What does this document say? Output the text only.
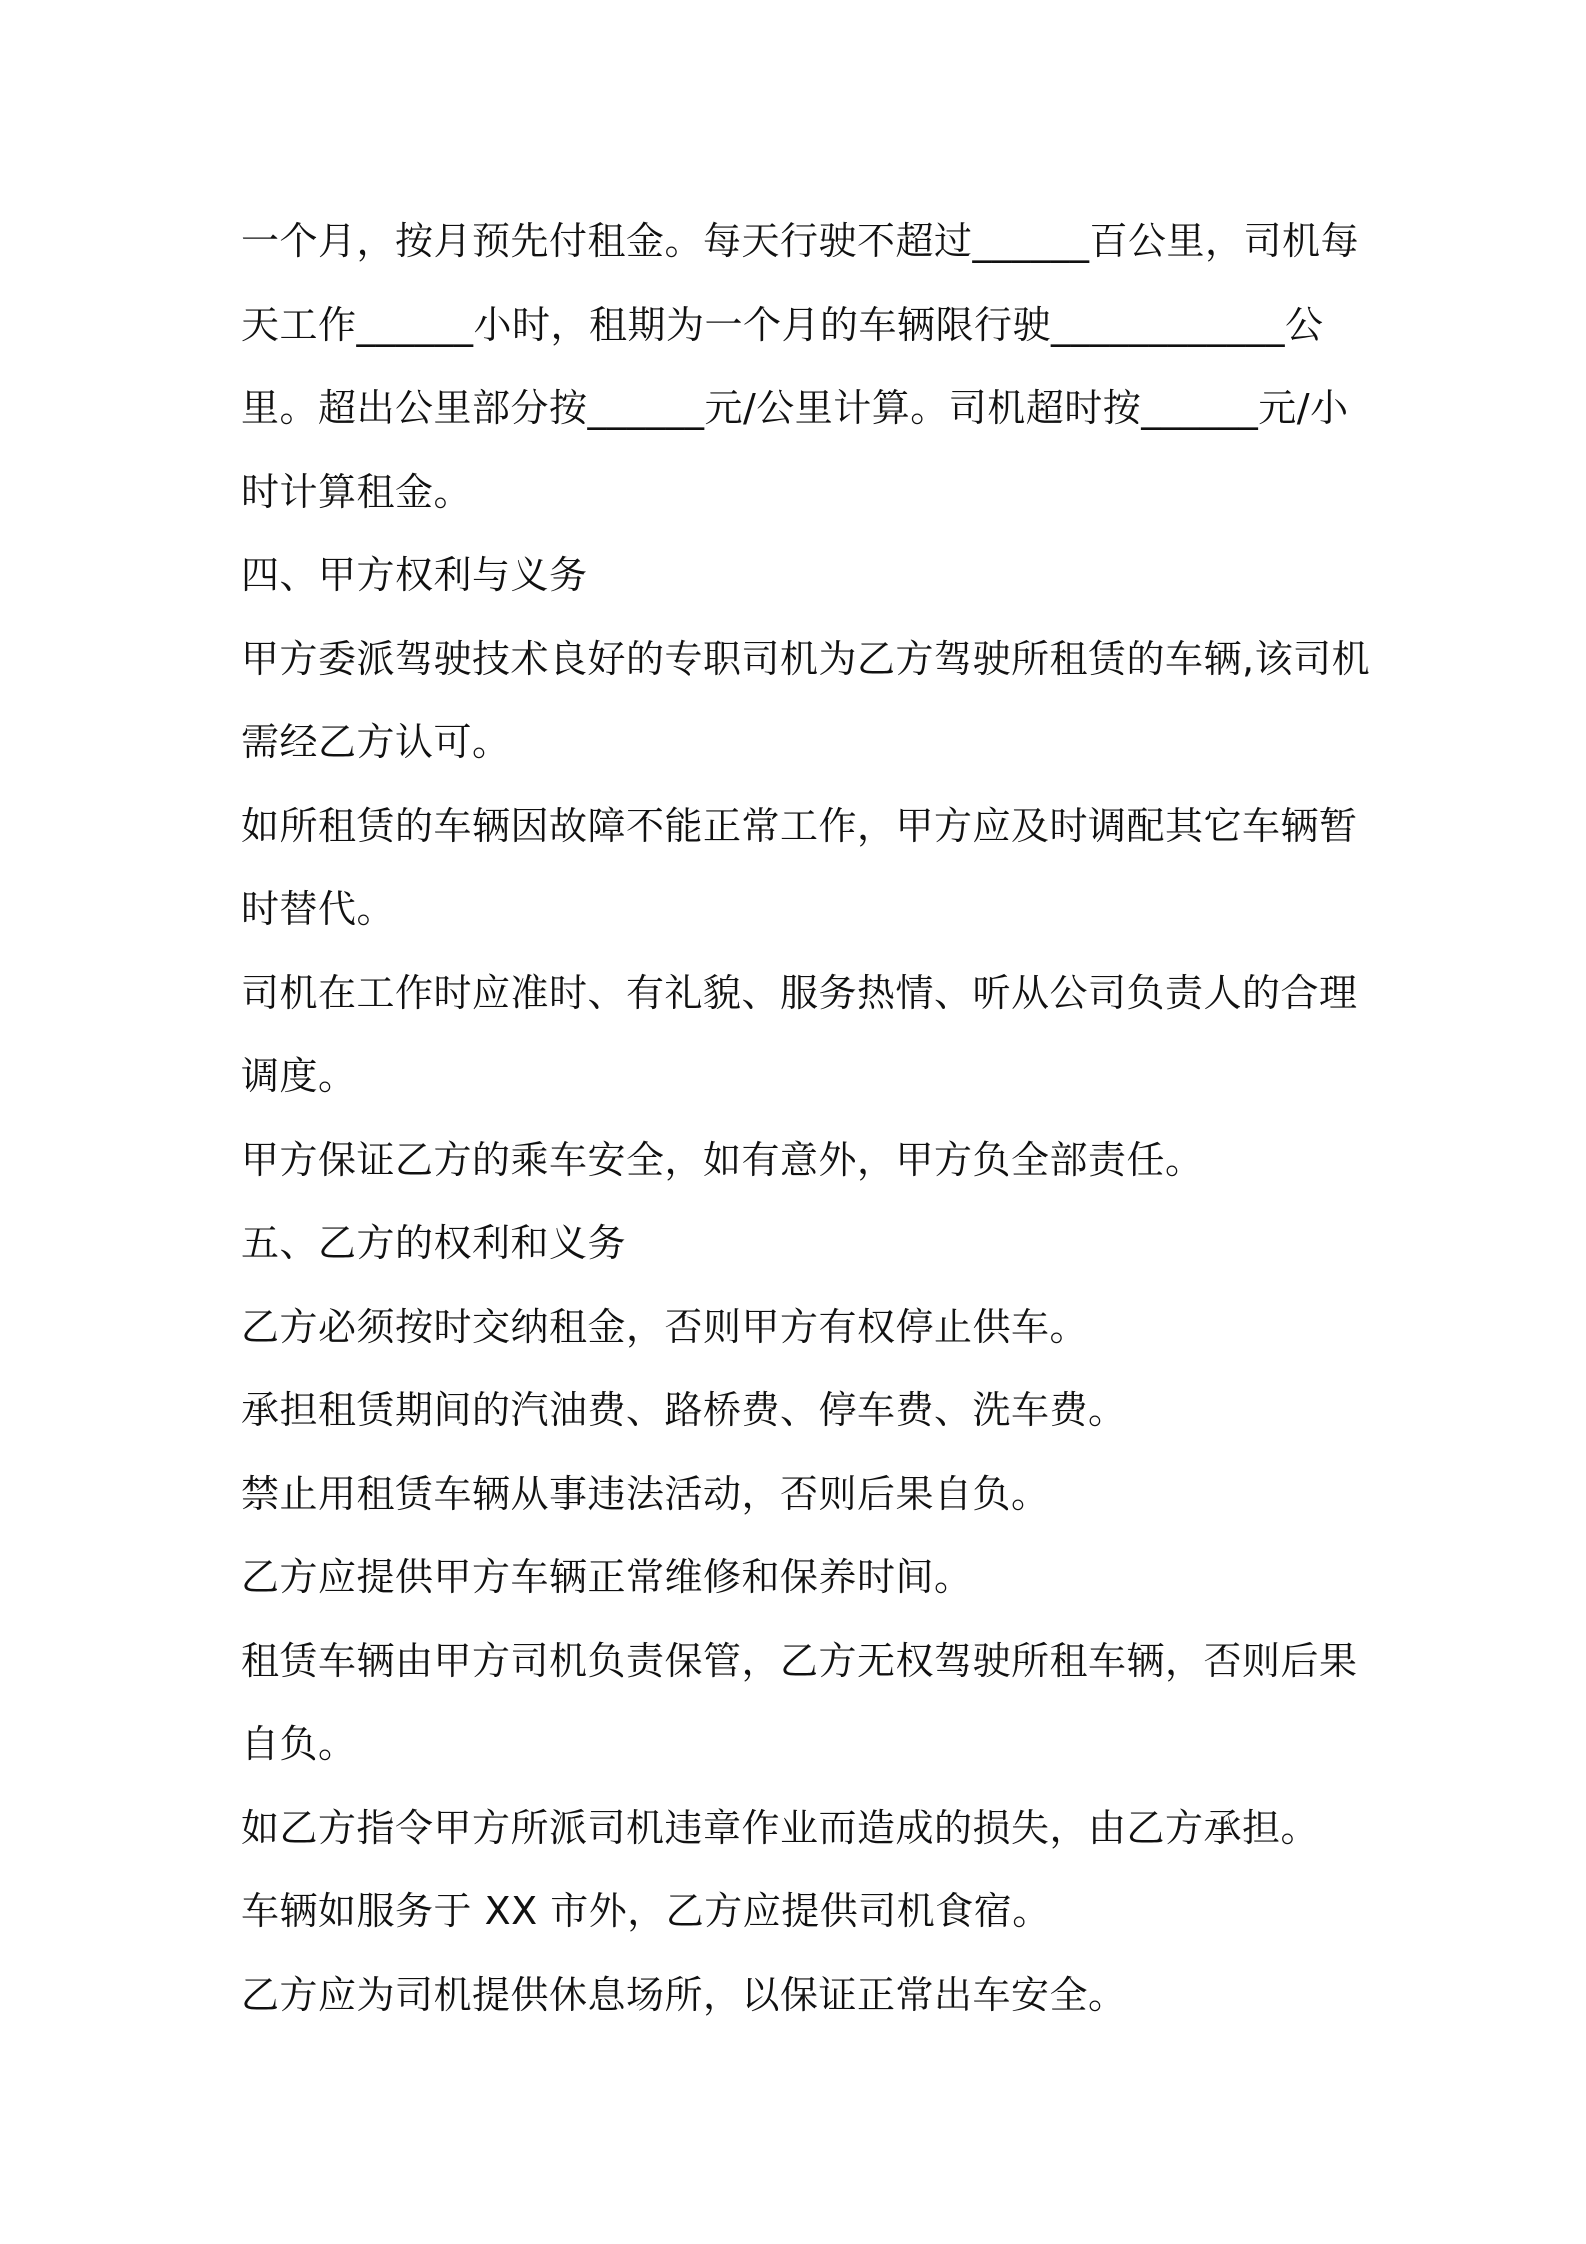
一个月，按月预先付租金。每天行驶不超过______百公里，司机每天工作______小时，租期为一个月的车辆限行驶____________公里。超出公里部分按______元/公里计算。司机超时按______元/小时计算租金。

四、甲方权利与义务

甲方委派驾驶技术良好的专职司机为乙方驾驶所租赁的车辆,该司机需经乙方认可。

如所租赁的车辆因故障不能正常工作，甲方应及时调配其它车辆暂时替代。

司机在工作时应准时、有礼貌、服务热情、听从公司负责人的合理调度。

甲方保证乙方的乘车安全，如有意外，甲方负全部责任。

五、乙方的权利和义务

乙方必须按时交纳租金，否则甲方有权停止供车。

承担租赁期间的汽油费、路桥费、停车费、洗车费。

禁止用租赁车辆从事违法活动，否则后果自负。

乙方应提供甲方车辆正常维修和保养时间。

租赁车辆由甲方司机负责保管，乙方无权驾驶所租车辆，否则后果自负。

如乙方指令甲方所派司机违章作业而造成的损失，由乙方承担。

车辆如服务于 XX 市外，乙方应提供司机食宿。

乙方应为司机提供休息场所，以保证正常出车安全。
